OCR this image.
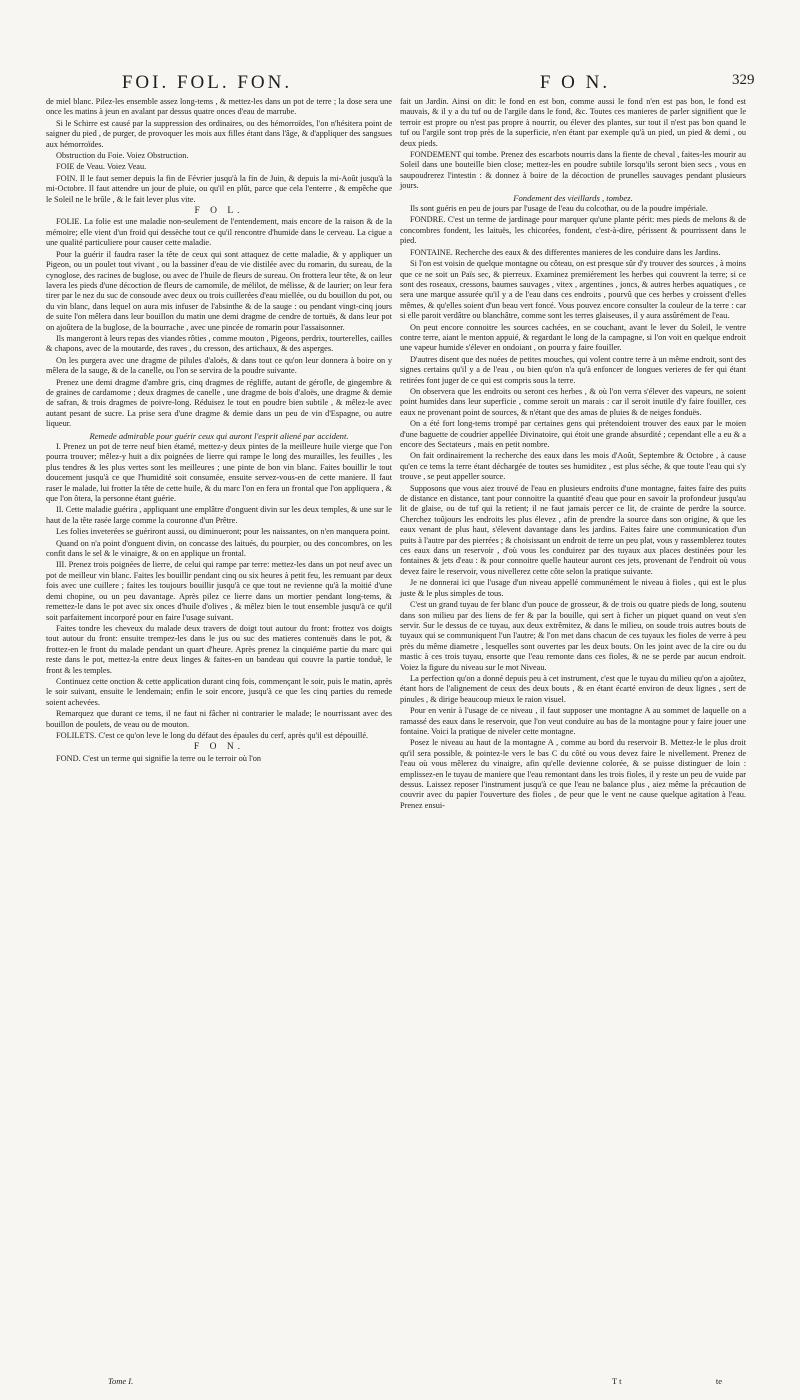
FOI. FOL. FON.	F O N.	329

de miel blanc. Pilez-les ensemble assez long-tems , & mettez-les dans un pot de terre ; la dose sera une once les matins à jeun en avalant par dessus quatre onces d'eau de marrube.

Si le Schirre est causé par la suppression des ordinaires, ou des hémorroïdes, l'on n'hésitera point de saigner du pied , de purger, de provoquer les mois aux filles étant dans l'âge, & d'appliquer des sangsues aux hémorroïdes.

Obstruction du Foie. Voiez Obstruction.

FOIE de Veau. Voiez Veau.

FOIN. Il le faut semer depuis la fin de Février jusqu'à la fin de Juin, & depuis la mi-Août jusqu'à la mi-Octobre. Il faut attendre un jour de pluie, ou qu'il en plût, parce que cela l'enterre , & empêche que le Soleil ne le brûle , & le fait lever plus vite.

F O L.

FOLIE. La folie est une maladie non-seulement de l'entendement, mais encore de la raison & de la mémoire; elle vient d'un froid qui dessèche tout ce qu'il rencontre d'humide dans le cerveau. La cigue a une qualité particuliere pour causer cette maladie.

Pour la guérir il faudra raser la tête de ceux qui sont attaquez de cette maladie, & y appliquer un Pigeon, ou un poulet tout vivant , ou la bassiner d'eau de vie distilée avec du romarin, du sureau, de la cynoglose, des racines de buglose, ou avec de l'huile de fleurs de sureau. On frottera leur tête, & on leur lavera les pieds d'une décoction de fleurs de camomile, de mélilot, de mélisse, & de laurier; on leur fera tirer par le nez du suc de consoude avec deux ou trois cuillerées d'eau miellée, ou du bouillon du pot, ou du vin blanc, dans lequel on aura mis infuser de l'absinthe & de la sauge : ou pendant vingt-cinq jours de suite l'on mêlera dans leur bouillon du matin une demi dragme de cendre de tortuës, & dans leur pot on ajoûtera de la buglose, de la bourrache , avec une pincée de romarin pour l'assaisonner.

Ils mangeront à leurs repas des viandes rôties , comme mouton , Pigeons, perdrix, tourterelles, cailles & chapons, avec de la moutarde, des raves , du cresson, des artichaux, & des asperges.

On les purgera avec une dragme de pilules d'aloës, & dans tout ce qu'on leur donnera à boire on y mêlera de la sauge, & de la canelle, ou l'on se servira de la poudre suivante.

Prenez une demi dragme d'ambre gris, cinq dragmes de régliffe, autant de gérofle, de gingembre & de graines de cardamome ; deux dragmes de canelle , une dragme de bois d'aloës, une dragme & demie de safran, & trois dragmes de poivre-long. Réduisez le tout en poudre bien subtile , & mêlez-le avec autant pesant de sucre. La prise sera d'une dragme & demie dans un peu de vin d'Espagne, ou autre liqueur.

Remede admirable pour guérir ceux qui auront l'esprit aliené par accident.

I. Prenez un pot de terre neuf bien étamé, mettez-y deux pintes de la meilleure huile vierge que l'on pourra trouver; mêlez-y huit a dix poignées de lierre qui rampe le long des murailles, les feuilles , les plus tendres & les plus vertes sont les meilleures ; une pinte de bon vin blanc. Faites bouillir le tout doucement jusqu'à ce que l'humidité soit consumée, ensuite servez-vous-en de cette maniere. Il faut raser le malade, lui frotter la tête de cette huile, & du marc l'on en fera un frontal que l'on appliquera , & que l'on ôtera, la personne étant guérie.

II. Cette maladie guérira , appliquant une emplâtre d'onguent divin sur les deux temples, & une sur le haut de la tête rasée large comme la couronne d'un Prêtre.

Les folies inveterées se guériront aussi, ou diminueront; pour les naissantes, on n'en manquera point.

Quand on n'a point d'onguent divin, on concasse des laitués, du pourpier, ou des concombres, on les confit dans le sel & le vinaigre, & on en applique un frontal.

III. Prenez trois poignées de lierre, de celui qui rampe par terre: mettez-les dans un pot neuf avec un pot de meilleur vin blanc. Faites les bouillir pendant cinq ou six heures à petit feu, les remuant par deux fois avec une cuillere ; faites les toujours bouillir jusqu'à ce que tout ne revienne qu'à la moitié d'une demi chopine, ou un peu davantage. Après pilez ce lierre dans un mortier pendant long-tems, & remettez-le dans le pot avec six onces d'huile d'olives , & mêlez bien le tout ensemble jusqu'à ce qu'il soit parfaitement incorporé pour en faire l'usage suivant.

Faites tondre les cheveux du malade deux travers de doigt tout autour du front: frottez vos doigts tout autour du front: ensuite trempez-les dans le jus ou suc des matieres contenuës dans le pot, & frottez-en le front du malade pendant un quart d'heure. Après prenez la cinquiéme partie du marc qui reste dans le pot, mettez-la entre deux linges & faites-en un bandeau qui couvre la partie tonduë, le front & les temples.

Continuez cette onction & cette application durant cinq fois, commençant le soir, puis le matin, après le soir suivant, ensuite le lendemain; enfin le soir encore, jusqu'à ce que les cinq parties du remede soient achevées.

Remarquez que durant ce tems, il ne faut ni fâcher ni contrarier le malade; le nourrissant avec des bouillon de poulets, de veau ou de mouton.

FOLILETS. C'est ce qu'on leve le long du défaut des épaules du cerf, après qu'il est dépouillé.

F O N.

FOND. C'est un terme qui signifie la terre ou le terroir où l'on

fait un Jardin. Ainsi on dit: le fond en est bon, comme aussi le fond n'en est pas bon, le fond est mauvais, & il y a du tuf ou de l'argile dans le fond, &c. Toutes ces manieres de parler signifient que le terroir est propre ou n'est pas propre à nourrir, ou élever des plantes, sur tout il n'est pas bon quand le tuf ou l'argile sont trop près de la superficie, n'en étant par exemple qu'à un pied, un pied & demi , ou deux pieds.

FONDEMENT qui tombe. Prenez des escarbots nourris dans la fiente de cheval , faites-les mourir au Soleil dans une bouteille bien close; mettez-les en poudre subtile lorsqu'ils seront bien secs , vous en saupoudrerez l'intestin : & donnez à boire de la décoction de prunelles sauvages pendant plusieurs jours.

Fondement des vieillards , tombez.

Ils sont guéris en peu de jours par l'usage de l'eau du colcothar, ou de la poudre impériale.

FONDRE. C'est un terme de jardinage pour marquer qu'une plante périt: mes pieds de melons & de concombres fondent, les laituës, les chicorées, fondent, c'est-à-dire, périssent & pourrissent dans le pied.

FONTAINE. Recherche des eaux & des differentes manieres de les conduire dans les Jardins.

Si l'on est voisin de quelque montagne ou côteau, on est presque sûr d'y trouver des sources , à moins que ce ne soit un Païs sec, & pierreux. Examinez premiérement les herbes qui couvrent la terre; si ce sont des roseaux, cressons, baumes sauvages , vitex , argentines , joncs, & autres herbes aquatiques , ce sera une marque assurée qu'il y a de l'eau dans ces endroits , pourvû que ces herbes y croissent d'elles mêmes, & qu'elles soient d'un beau vert foncé. Vous pouvez encore consulter la couleur de la terre : car si elle paroit verdâtre ou blanchâtre, comme sont les terres glaiseuses, il y aura assûrément de l'eau.

On peut encore connoitre les sources cachées, en se couchant, avant le lever du Soleil, le ventre contre terre, aiant le menton appuié, & regardant le long de la campagne, si l'on voit en quelque endroit une vapeur humide s'élever en ondoiant , on pourra y faire fouiller.

D'autres disent que des nuées de petites mouches, qui volent contre terre à un même endroit, sont des signes certains qu'il y a de l'eau , ou bien qu'on n'a qu'à enfoncer de longues verieres de fer qui étant retirées font juger de ce qui est compris sous la terre.

On observera que les endroits ou seront ces herbes , & où l'on verra s'élever des vapeurs, ne soient point humides dans leur superficie , comme seroit un marais : car il seroit inutile d'y faire fouiller, ces eaux ne provenant point de sources, & n'étant que des amas de pluies & de neiges fonduës.

On a été fort long-tems trompé par certaines gens qui prétendoient trouver des eaux par le moien d'une baguette de coudrier appellée Divinatoire, qui étoit une grande absurdité ; cependant elle a eu & a encore des Sectateurs , mais en petit nombre.

On fait ordinairement la recherche des eaux dans les mois d'Août, Septembre & Octobre , à cause qu'en ce tems la terre étant déchargée de toutes ses humiditez , est plus séche, & que toute l'eau qui s'y trouve , se peut appeller source.

Supposons que vous aiez trouvé de l'eau en plusieurs endroits d'une montagne, faites faire des puits de distance en distance, tant pour connoitre la quantité d'eau que pour en savoir la profondeur jusqu'au lit de glaise, ou de tuf qui la retient; il ne faut jamais percer ce lit, de crainte de perdre la source. Cherchez toûjours les endroits les plus élevez , afin de prendre la source dans son origine, & que les eaux venant de plus haut, s'élevent davantage dans les jardins. Faites faire une communication d'un puits à l'autre par des pierrées ; & choisissant un endroit de terre un peu plat, vous y rassemblerez toutes ces eaux dans un reservoir , d'où vous les conduirez par des tuyaux aux places destinées pour les fontaines & jets d'eau : & pour connoitre quelle hauteur auront ces jets, provenant de l'endroit où vous devez faire le reservoir, vous nivellerez cette côte selon la pratique suivante.

Je ne donnerai ici que l'usage d'un niveau appellé communément le niveau à fioles , qui est le plus juste & le plus simples de tous.

C'est un grand tuyau de fer blanc d'un pouce de grosseur, & de trois ou quatre pieds de long, soutenu dans son milieu par des liens de fer & par la bouille, qui sert à ficher un piquet quand on veut s'en servir. Sur le dessus de ce tuyau, aux deux extrêmitez, & dans le milieu, on soude trois autres bouts de tuyaux qui se communiquent l'un l'autre; & l'on met dans chacun de ces tuyaux les fioles de verre à peu près du même diametre , lesquelles sont ouvertes par les deux bouts. On les joint avec de la cire ou du mastic à ces trois tuyau, ensorte que l'eau remonte dans ces fioles, & ne se perde par aucun endroit. Voiez la figure du niveau sur le mot Niveau.

La perfection qu'on a donné depuis peu à cet instrument, c'est que le tuyau du milieu qu'on a ajoûtez, étant hors de l'alignement de ceux des deux bouts , & en étant écarté environ de deux lignes , sert de pinules , & dirige beaucoup mieux le raion visuel.

Pour en venir à l'usage de ce niveau , il faut supposer une montagne A au sommet de laquelle on a ramassé des eaux dans le reservoir, que l'on veut conduire au bas de la montagne pour y faire jouer une fontaine. Voici la pratique de niveler cette montagne.

Posez le niveau au haut de la montagne A , comme au bord du reservoir B. Mettez-le le plus droit qu'il sera possible, & pointez-le vers le bas C du côté ou vous devez faire le nivellement. Prenez de l'eau où vous mêlerez du vinaigre, afin qu'elle devienne colorée, & se puisse distinguer de loin : emplissez-en le tuyau de maniere que l'eau remontant dans les trois fioles, il y reste un peu de vuide par dessus. Laissez reposer l'instrument jusqu'à ce que l'eau ne balance plus , aiez même la précaution de couvrir avec du papier l'ouverture des fioles , de peur que le vent ne cause quelque agitation à l'eau. Prenez ensui-

Tome I.	T t	te
